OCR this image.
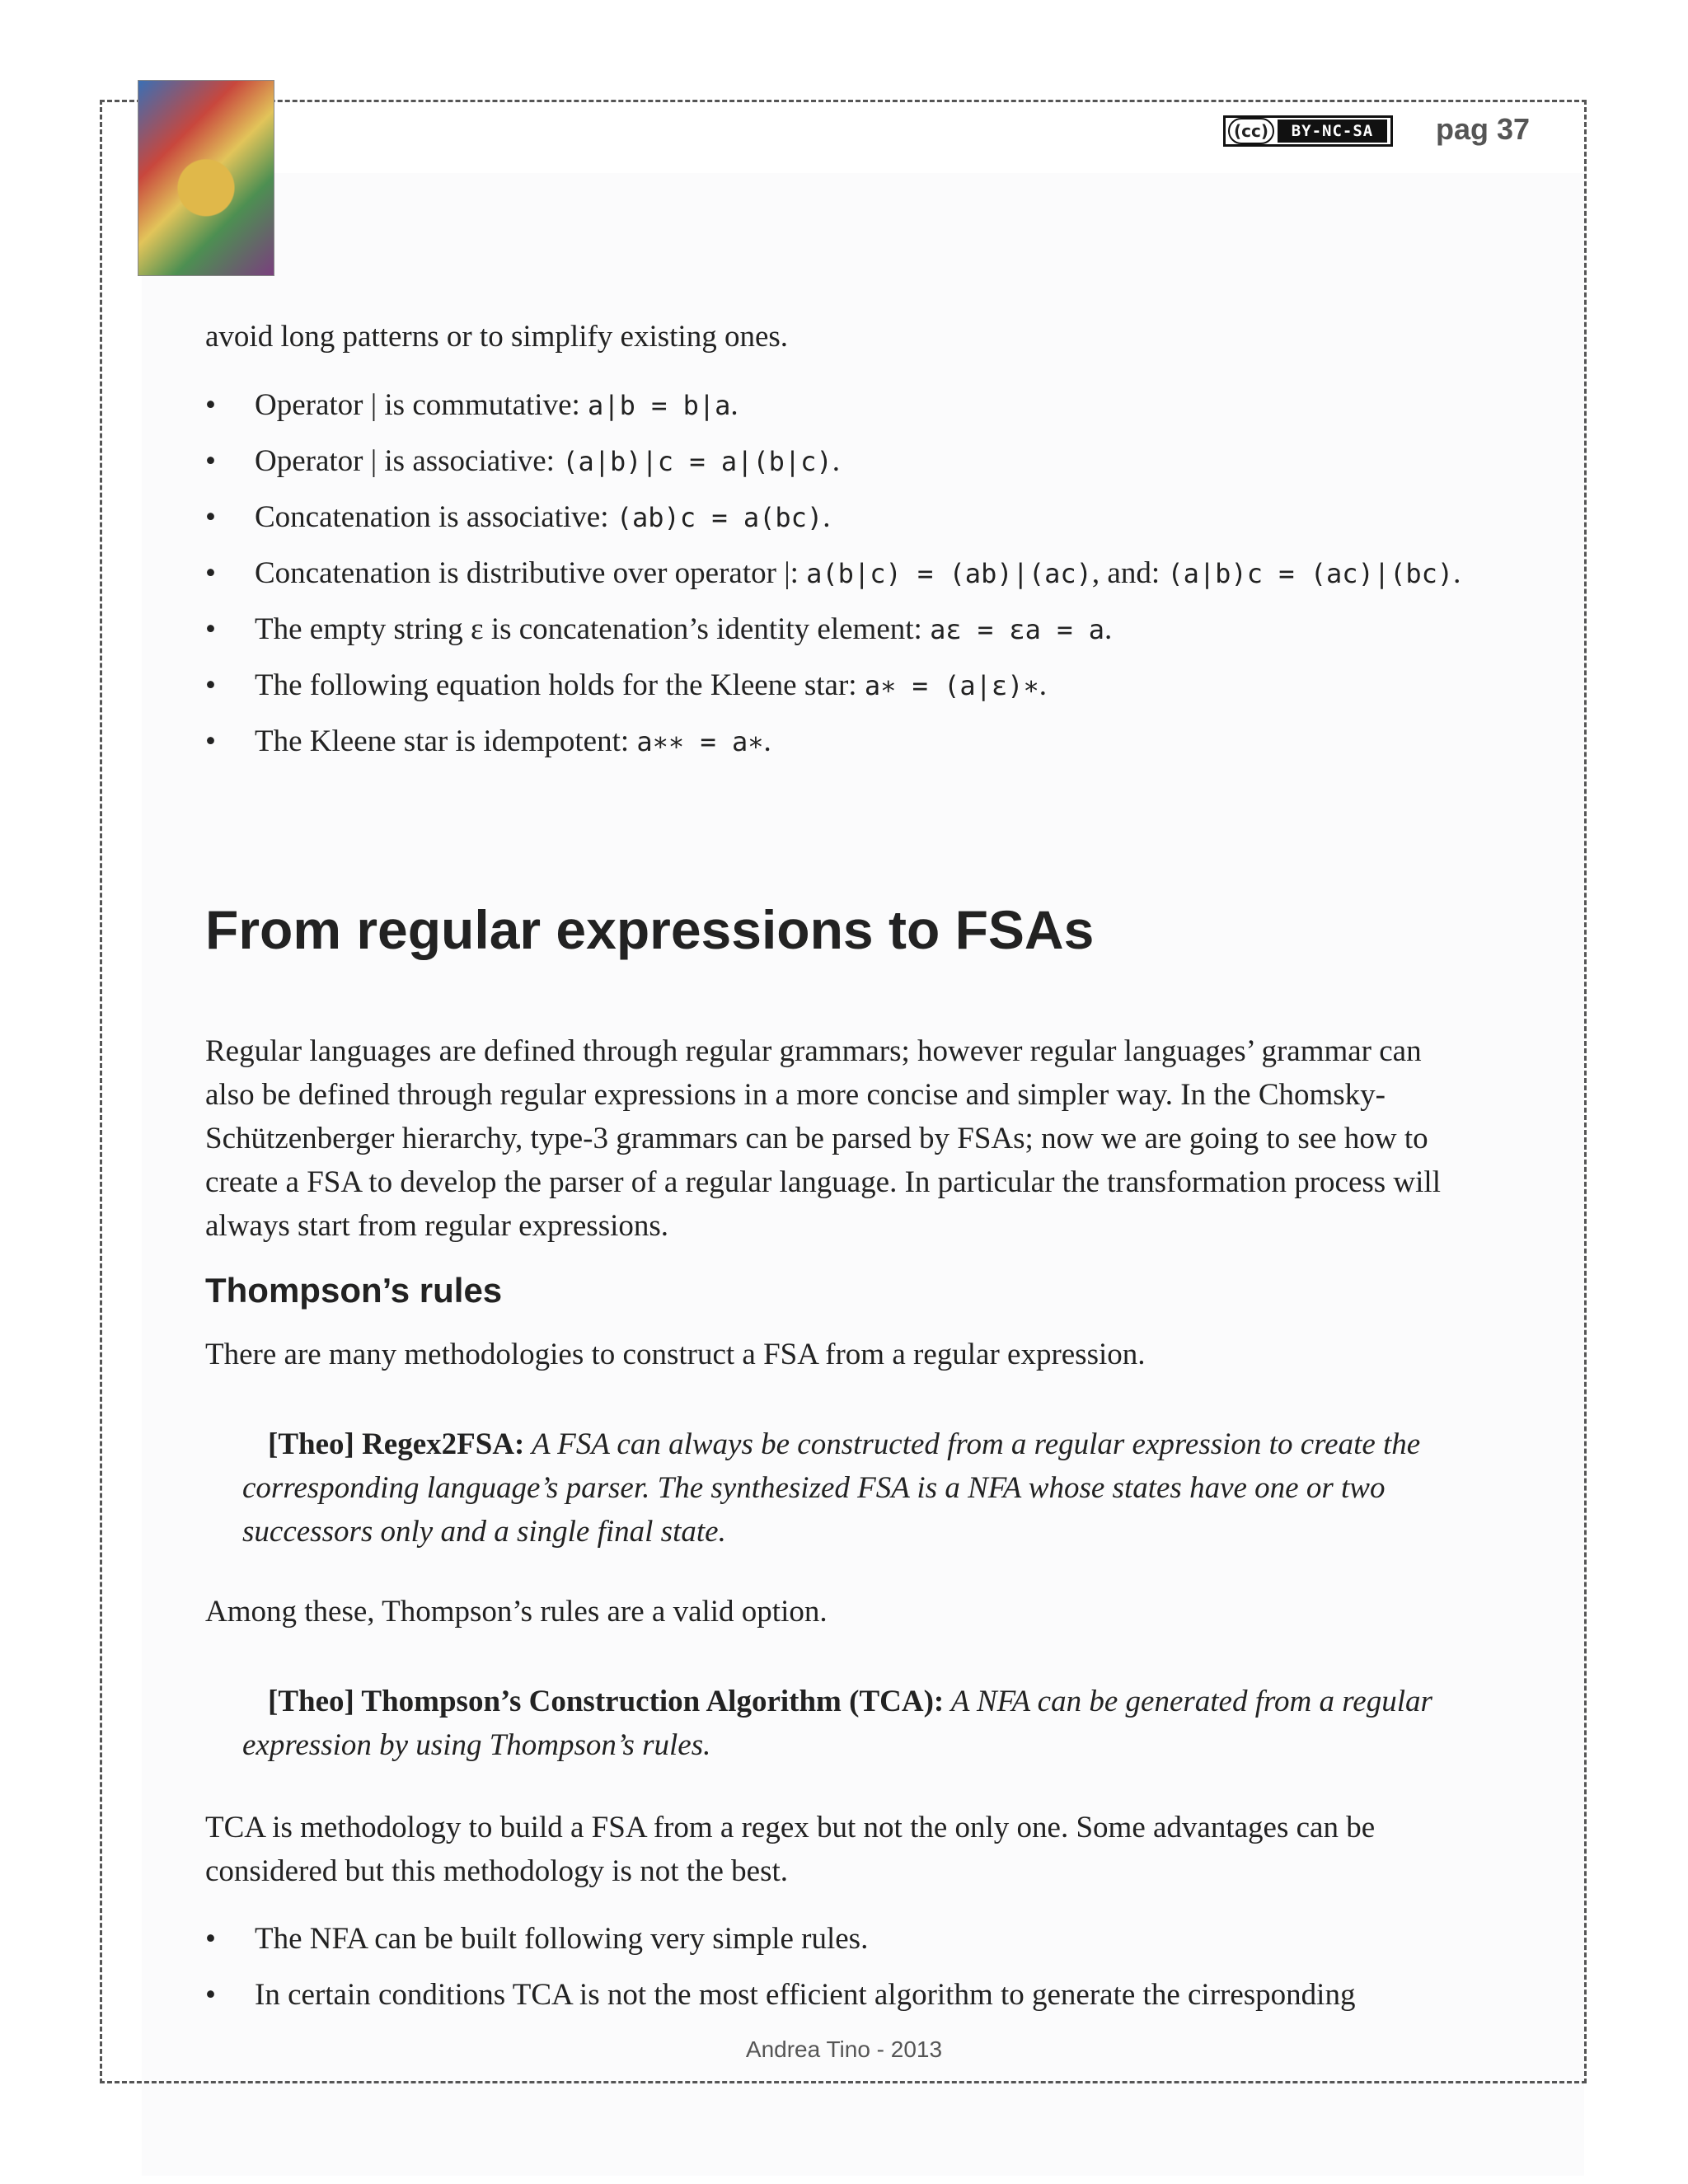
(cc)	BY-NC-SA	pag 37

avoid long patterns or to simplify existing ones.

• Operator | is commutative: a|b = b|a.
• Operator | is associative: (a|b)|c = a|(b|c).
• Concatenation is associative: (ab)c = a(bc).
• Concatenation is distributive over operator |: a(b|c) = (ab)|(ac), and: (a|b)c = (ac)|(bc).
• The empty string ε is concatenation’s identity element: aε = εa = a.
• The following equation holds for the Kleene star: a∗ = (a|ε)∗.
• The Kleene star is idempotent: a∗∗ = a∗.
From regular expressions to FSAs

Regular languages are defined through regular grammars; however regular languages’ grammar can also be defined through regular expressions in a more concise and simpler way. In the Chomsky-Schützenberger hierarchy, type-3 grammars can be parsed by FSAs; now we are going to see how to create a FSA to develop the parser of a regular language. In particular the transformation process will always start from regular expressions.

Thompson’s rules

There are many methodologies to construct a FSA from a regular expression.

[Theo] Regex2FSA: A FSA can always be constructed from a regular expression to create the corresponding language’s parser. The synthesized FSA is a NFA whose states have one or two successors only and a single final state.

Among these, Thompson’s rules are a valid option.

[Theo] Thompson’s Construction Algorithm (TCA): A NFA can be generated from a regular expression by using Thompson’s rules.

TCA is methodology to build a FSA from a regex but not the only one. Some advantages can be considered but this methodology is not the best.

• The NFA can be built following very simple rules.
• In certain conditions TCA is not the most efficient algorithm to generate the cirresponding
Andrea Tino - 2013
